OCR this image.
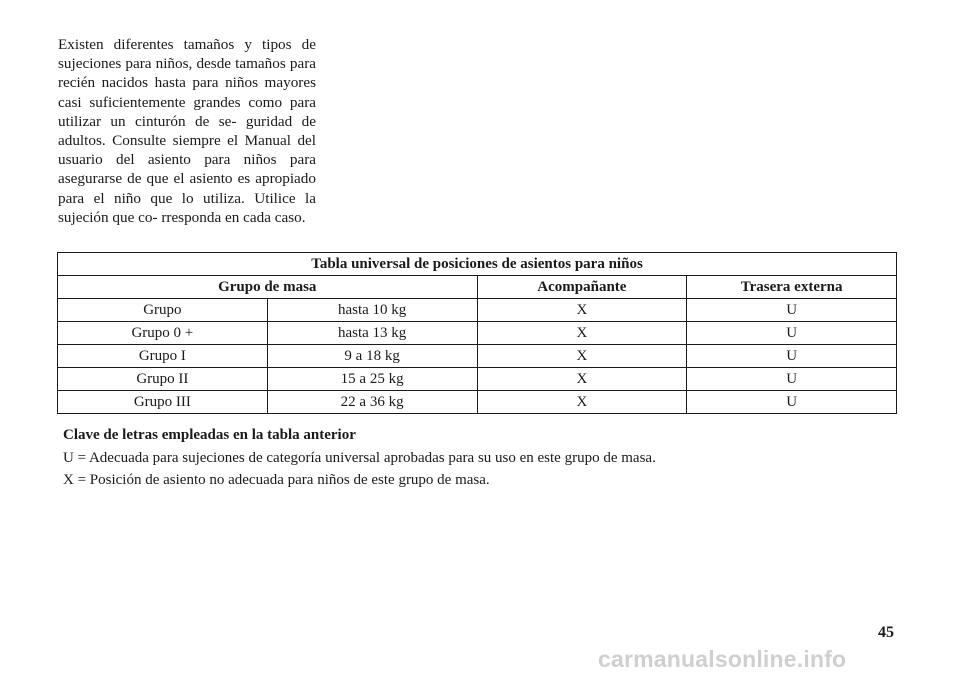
Existen diferentes tamaños y tipos de sujeciones para niños, desde tamaños para recién nacidos hasta para niños mayores casi suficientemente grandes como para utilizar un cinturón de se- guridad de adultos. Consulte siempre el Manual del usuario del asiento para niños para asegurarse de que el asiento es apropiado para el niño que lo utiliza. Utilice la sujeción que co- rresponda en cada caso.

Tabla universal de posiciones de asientos para niños			
Grupo de masa		Acompañante	Trasera externa
Grupo	hasta 10 kg	X	U
Grupo 0 +	hasta 13 kg	X	U
Grupo I	9 a 18 kg	X	U
Grupo II	15 a 25 kg	X	U
Grupo III	22 a 36 kg	X	U
Clave de letras empleadas en la tabla anterior
U = Adecuada para sujeciones de categoría universal aprobadas para su uso en este grupo de masa.
X = Posición de asiento no adecuada para niños de este grupo de masa.
45
carmanualsonline.info
